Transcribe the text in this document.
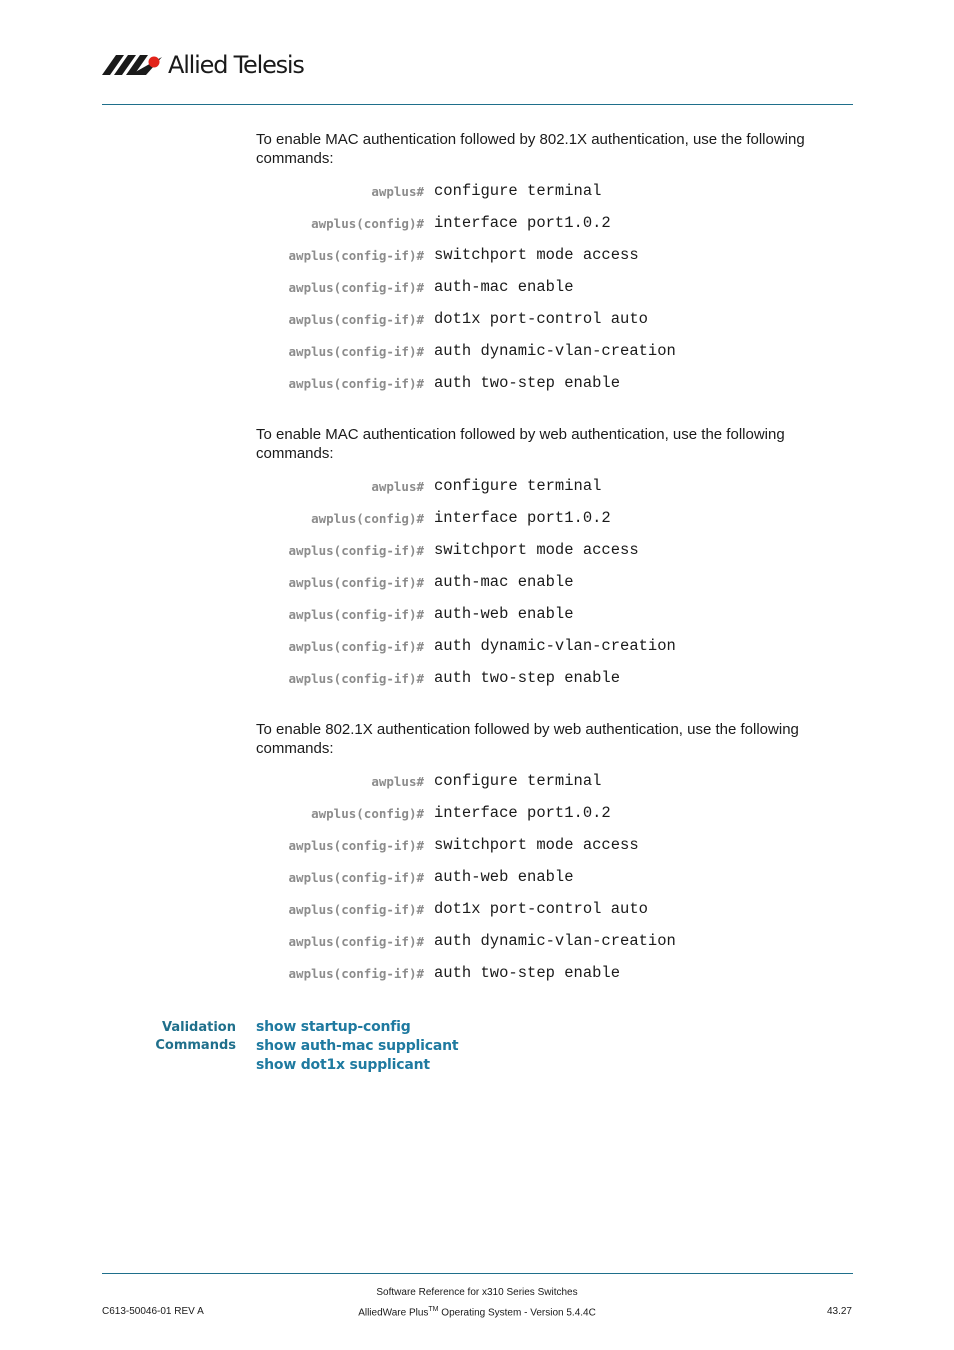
Allied Telesis
To enable MAC authentication followed by 802.1X authentication, use the following commands:
awplus# configure terminal
awplus(config)# interface port1.0.2
awplus(config-if)# switchport mode access
awplus(config-if)# auth-mac enable
awplus(config-if)# dot1x port-control auto
awplus(config-if)# auth dynamic-vlan-creation
awplus(config-if)# auth two-step enable
To enable MAC authentication followed by web authentication, use the following commands:
awplus# configure terminal
awplus(config)# interface port1.0.2
awplus(config-if)# switchport mode access
awplus(config-if)# auth-mac enable
awplus(config-if)# auth-web enable
awplus(config-if)# auth dynamic-vlan-creation
awplus(config-if)# auth two-step enable
To enable 802.1X authentication followed by web authentication, use the following commands:
awplus# configure terminal
awplus(config)# interface port1.0.2
awplus(config-if)# switchport mode access
awplus(config-if)# auth-web enable
awplus(config-if)# dot1x port-control auto
awplus(config-if)# auth dynamic-vlan-creation
awplus(config-if)# auth two-step enable
Validation
Commands
show startup-config
show auth-mac supplicant
show dot1x supplicant
Software Reference for x310 Series Switches
AlliedWare Plus™ Operating System - Version 5.4.4C
C613-50046-01 REV A	43.27
